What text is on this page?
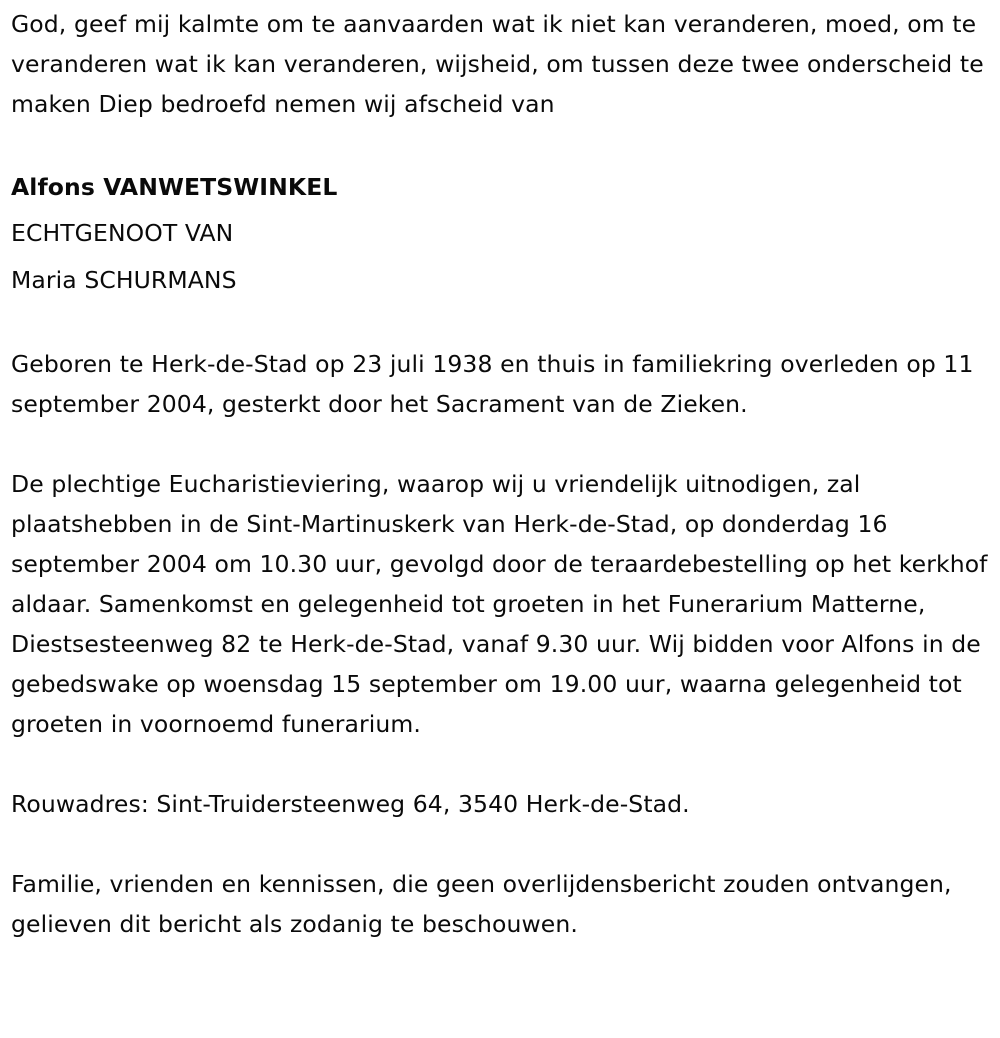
God, geef mij kalmte om te aanvaarden wat ik niet kan veranderen, moed, om te veranderen wat ik kan veranderen, wijsheid, om tussen deze twee onderscheid te maken Diep bedroefd nemen wij afscheid van

Alfons VANWETSWINKEL

ECHTGENOOT VAN

Maria SCHURMANS

Geboren te Herk-de-Stad op 23 juli 1938 en thuis in familiekring overleden op 11 september 2004, gesterkt door het Sacrament van de Zieken.

De plechtige Eucharistieviering, waarop wij u vriendelijk uitnodigen, zal plaatshebben in de Sint-Martinuskerk van Herk-de-Stad, op donderdag 16 september 2004 om 10.30 uur, gevolgd door de teraardebestelling op het kerkhof aldaar. Samenkomst en gelegenheid tot groeten in het Funerarium Matterne, Diestsesteenweg 82 te Herk-de-Stad, vanaf 9.30 uur. Wij bidden voor Alfons in de gebedswake op woensdag 15 september om 19.00 uur, waarna gelegenheid tot groeten in voornoemd funerarium.

Rouwadres: Sint-Truidersteenweg 64, 3540 Herk-de-Stad.

Familie, vrienden en kennissen, die geen overlijdensbericht zouden ontvangen, gelieven dit bericht als zodanig te beschouwen.
